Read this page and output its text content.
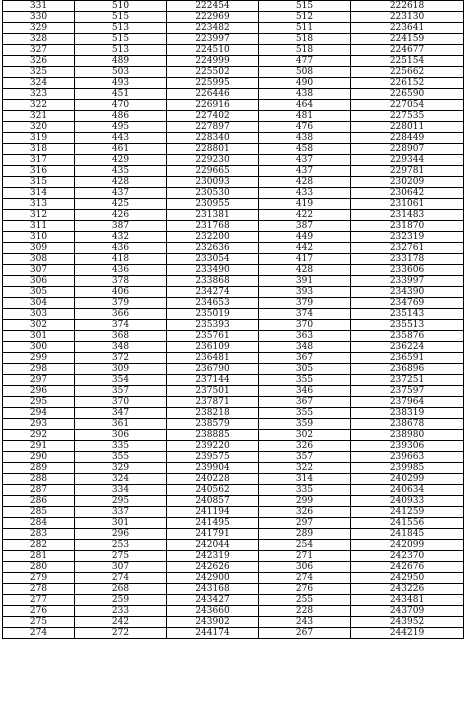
331	510	222454	515	222618
330	515	222969	512	223130
329	513	223482	511	223641
328	515	223997	518	224159
327	513	224510	518	224677
326	489	224999	477	225154
325	503	225502	508	225662
324	493	225995	490	226152
323	451	226446	438	226590
322	470	226916	464	227054
321	486	227402	481	227535
320	495	227897	476	228011
319	443	228340	438	228449
318	461	228801	458	228907
317	429	229230	437	229344
316	435	229665	437	229781
315	428	230093	428	230209
314	437	230530	433	230642
313	425	230955	419	231061
312	426	231381	422	231483
311	387	231768	387	231870
310	432	232200	449	232319
309	436	232636	442	232761
308	418	233054	417	233178
307	436	233490	428	233606
306	378	233868	391	233997
305	406	234274	393	234390
304	379	234653	379	234769
303	366	235019	374	235143
302	374	235393	370	235513
301	368	235761	363	235876
300	348	236109	348	236224
299	372	236481	367	236591
298	309	236790	305	236896
297	354	237144	355	237251
296	357	237501	346	237597
295	370	237871	367	237964
294	347	238218	355	238319
293	361	238579	359	238678
292	306	238885	302	238980
291	335	239220	326	239306
290	355	239575	357	239663
289	329	239904	322	239985
288	324	240228	314	240299
287	334	240562	335	240634
286	295	240857	299	240933
285	337	241194	326	241259
284	301	241495	297	241556
283	296	241791	289	241845
282	253	242044	254	242099
281	275	242319	271	242370
280	307	242626	306	242676
279	274	242900	274	242950
278	268	243168	276	243226
277	259	243427	255	243481
276	233	243660	228	243709
275	242	243902	243	243952
274	272	244174	267	244219
